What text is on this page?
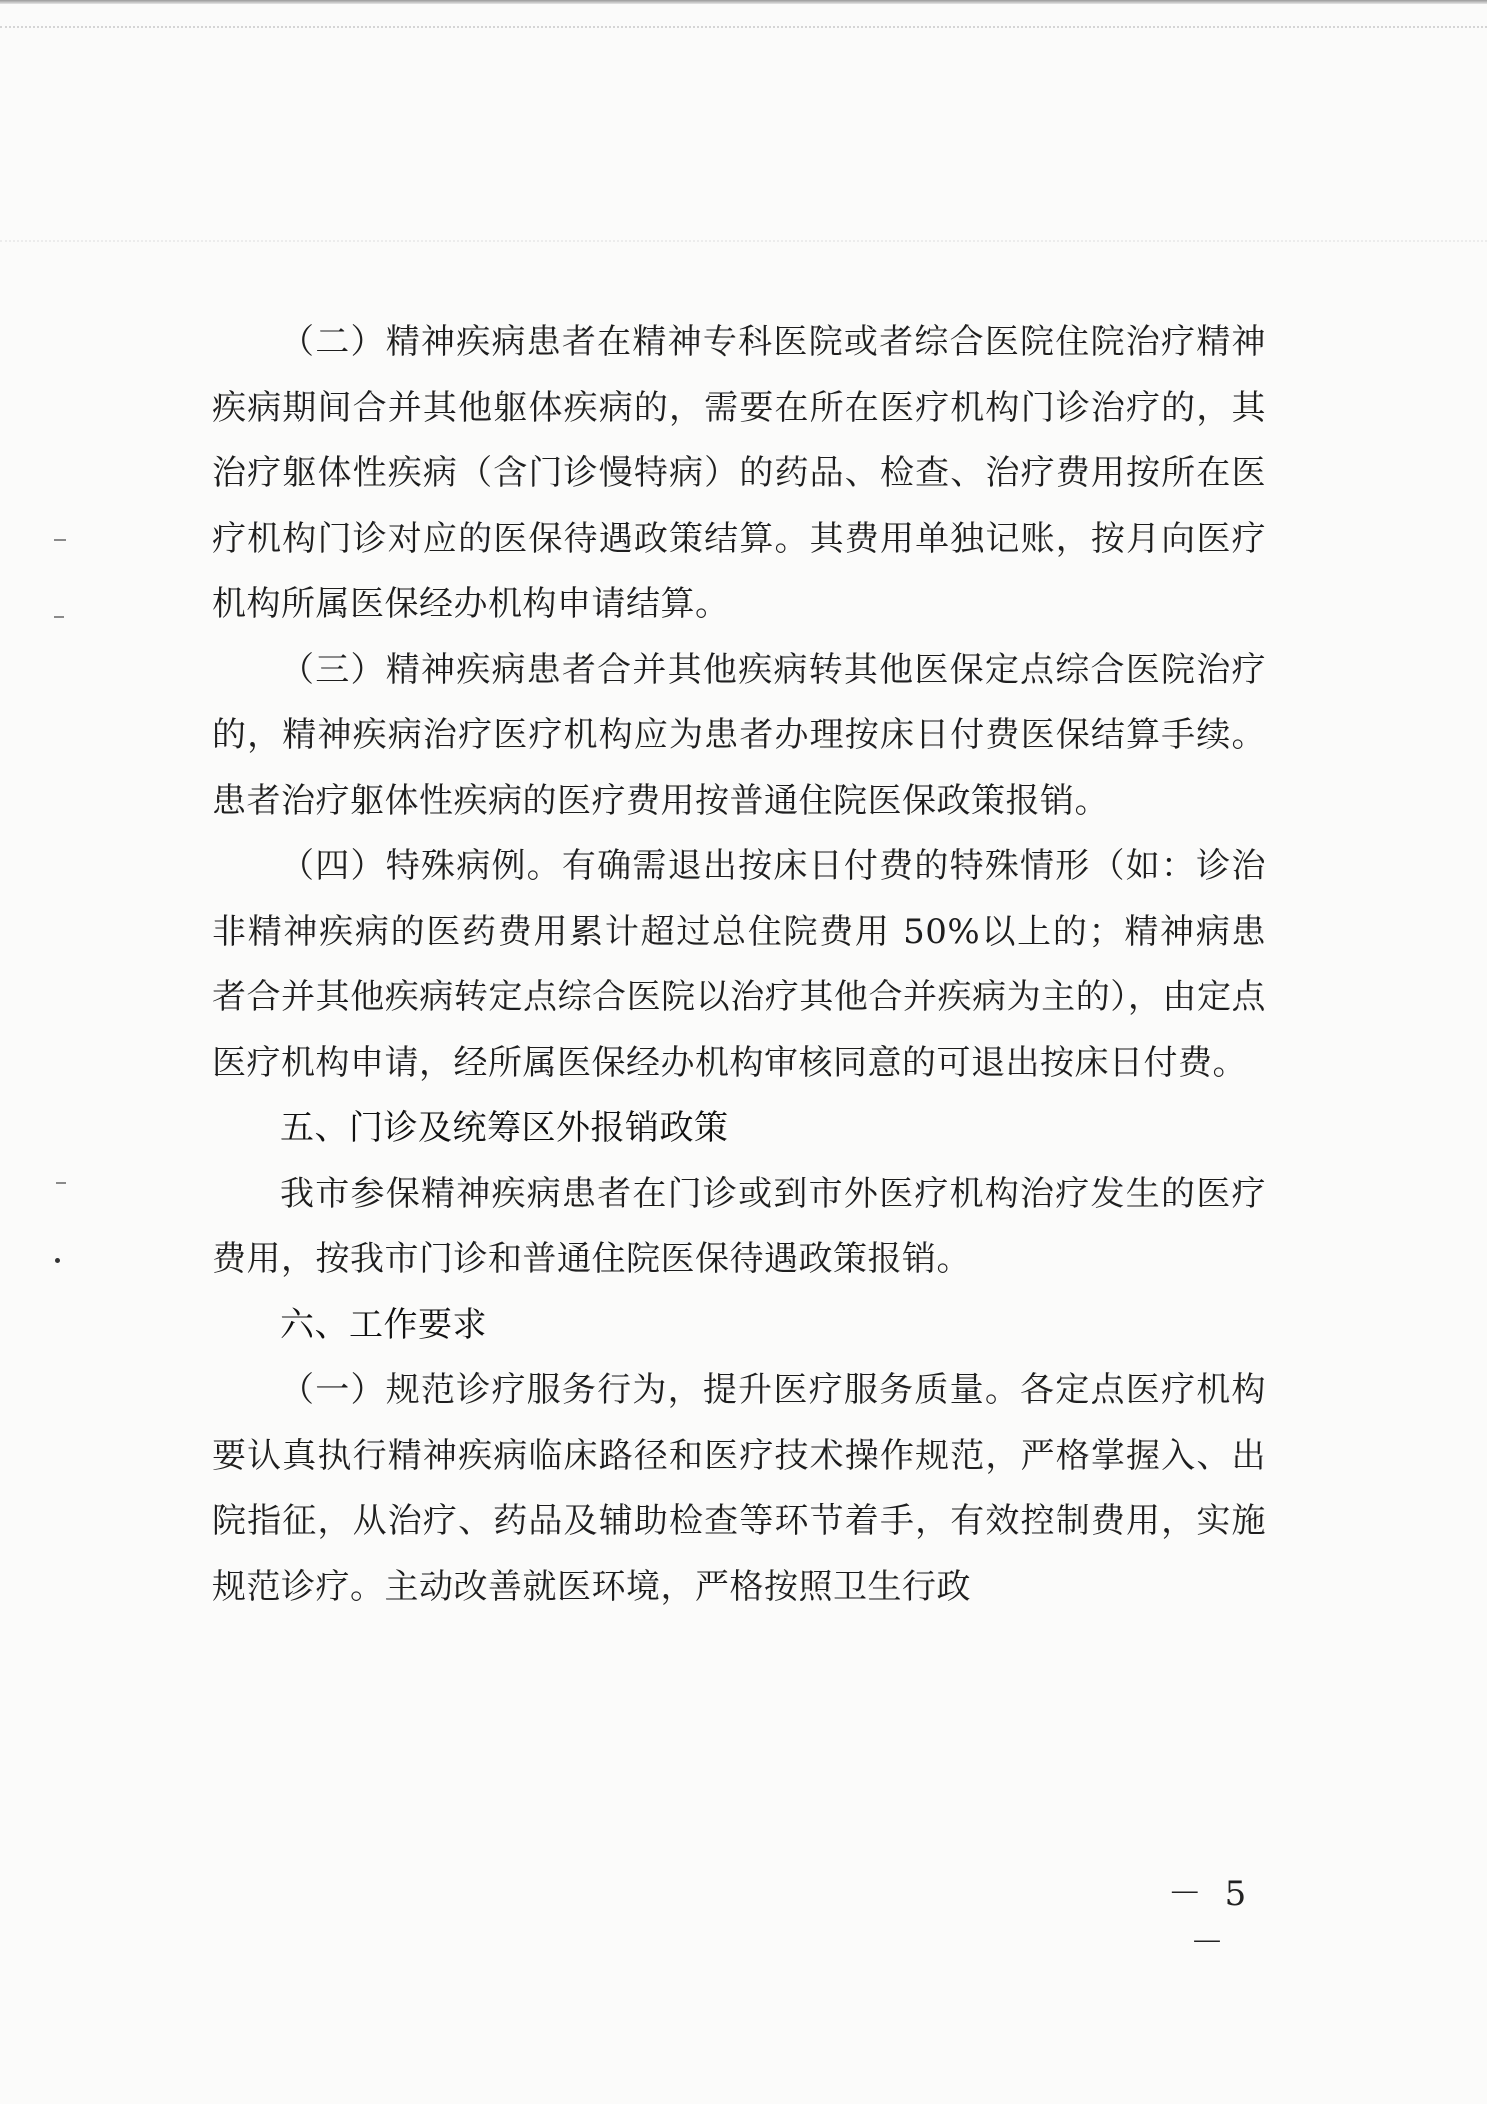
（二）精神疾病患者在精神专科医院或者综合医院住院治疗精神疾病期间合并其他躯体疾病的，需要在所在医疗机构门诊治疗的，其治疗躯体性疾病（含门诊慢特病）的药品、检查、治疗费用按所在医疗机构门诊对应的医保待遇政策结算。其费用单独记账，按月向医疗机构所属医保经办机构申请结算。

（三）精神疾病患者合并其他疾病转其他医保定点综合医院治疗的，精神疾病治疗医疗机构应为患者办理按床日付费医保结算手续。患者治疗躯体性疾病的医疗费用按普通住院医保政策报销。

（四）特殊病例。有确需退出按床日付费的特殊情形（如：诊治非精神疾病的医药费用累计超过总住院费用 50%以上的；精神病患者合并其他疾病转定点综合医院以治疗其他合并疾病为主的），由定点医疗机构申请，经所属医保经办机构审核同意的可退出按床日付费。

五、门诊及统筹区外报销政策

我市参保精神疾病患者在门诊或到市外医疗机构治疗发生的医疗费用，按我市门诊和普通住院医保待遇政策报销。

六、工作要求

（一）规范诊疗服务行为，提升医疗服务质量。各定点医疗机构要认真执行精神疾病临床路径和医疗技术操作规范，严格掌握入、出院指征，从治疗、药品及辅助检查等环节着手，有效控制费用，实施规范诊疗。主动改善就医环境，严格按照卫生行政

－ 5 －
